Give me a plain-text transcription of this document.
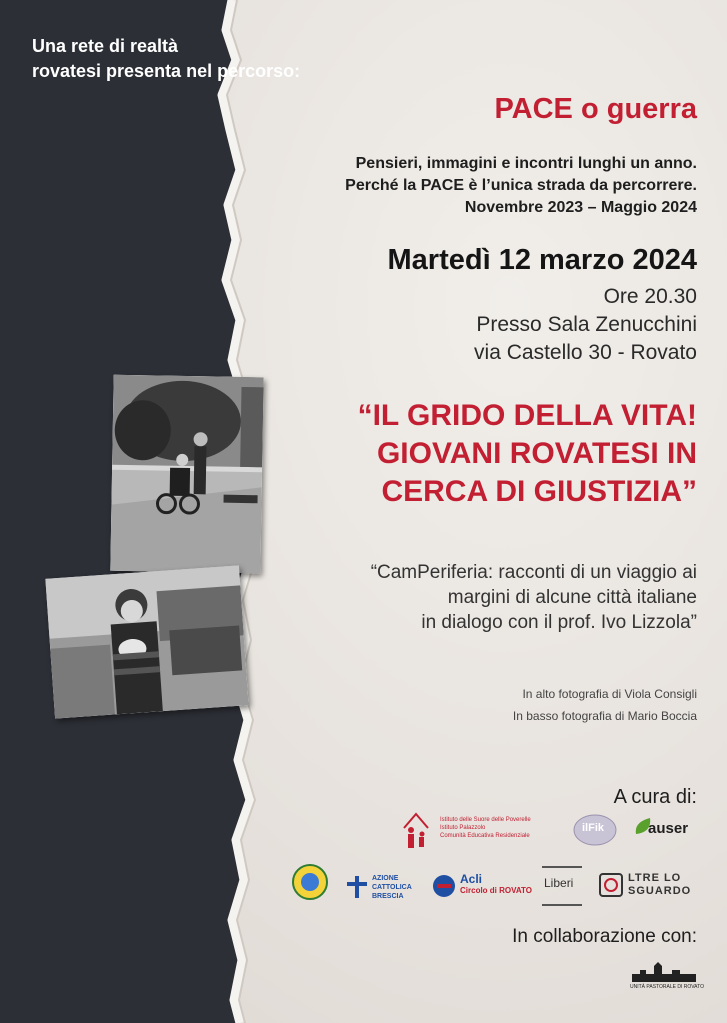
Una rete di realtà
rovatesi presenta nel percorso:
PACE o guerra
Pensieri, immagini e incontri lunghi un anno.
Perché la PACE è l’unica strada da percorrere.
Novembre 2023 – Maggio 2024
Martedì 12 marzo 2024
Ore 20.30
Presso Sala Zenucchini
via Castello 30 - Rovato
“IL GRIDO DELLA VITA!
GIOVANI ROVATESI IN
CERCA DI GIUSTIZIA”
“CamPeriferia: racconti di un viaggio ai
margini di alcune città italiane
in dialogo con il prof. Ivo Lizzola”
In alto fotografia di Viola Consigli
In basso fotografia di Mario Boccia
A cura di:
Istituto delle Suore delle Poverelle
Istituto Palazzolo
Comunità Educativa Residenziale
ilFik	auser
AZIONE
CATTOLICA
BRESCIA
Acli
Circolo di ROVATO
Liberi	LTRE LO
SGUARDO
In collaborazione con:
UNITÀ PASTORALE DI ROVATO
